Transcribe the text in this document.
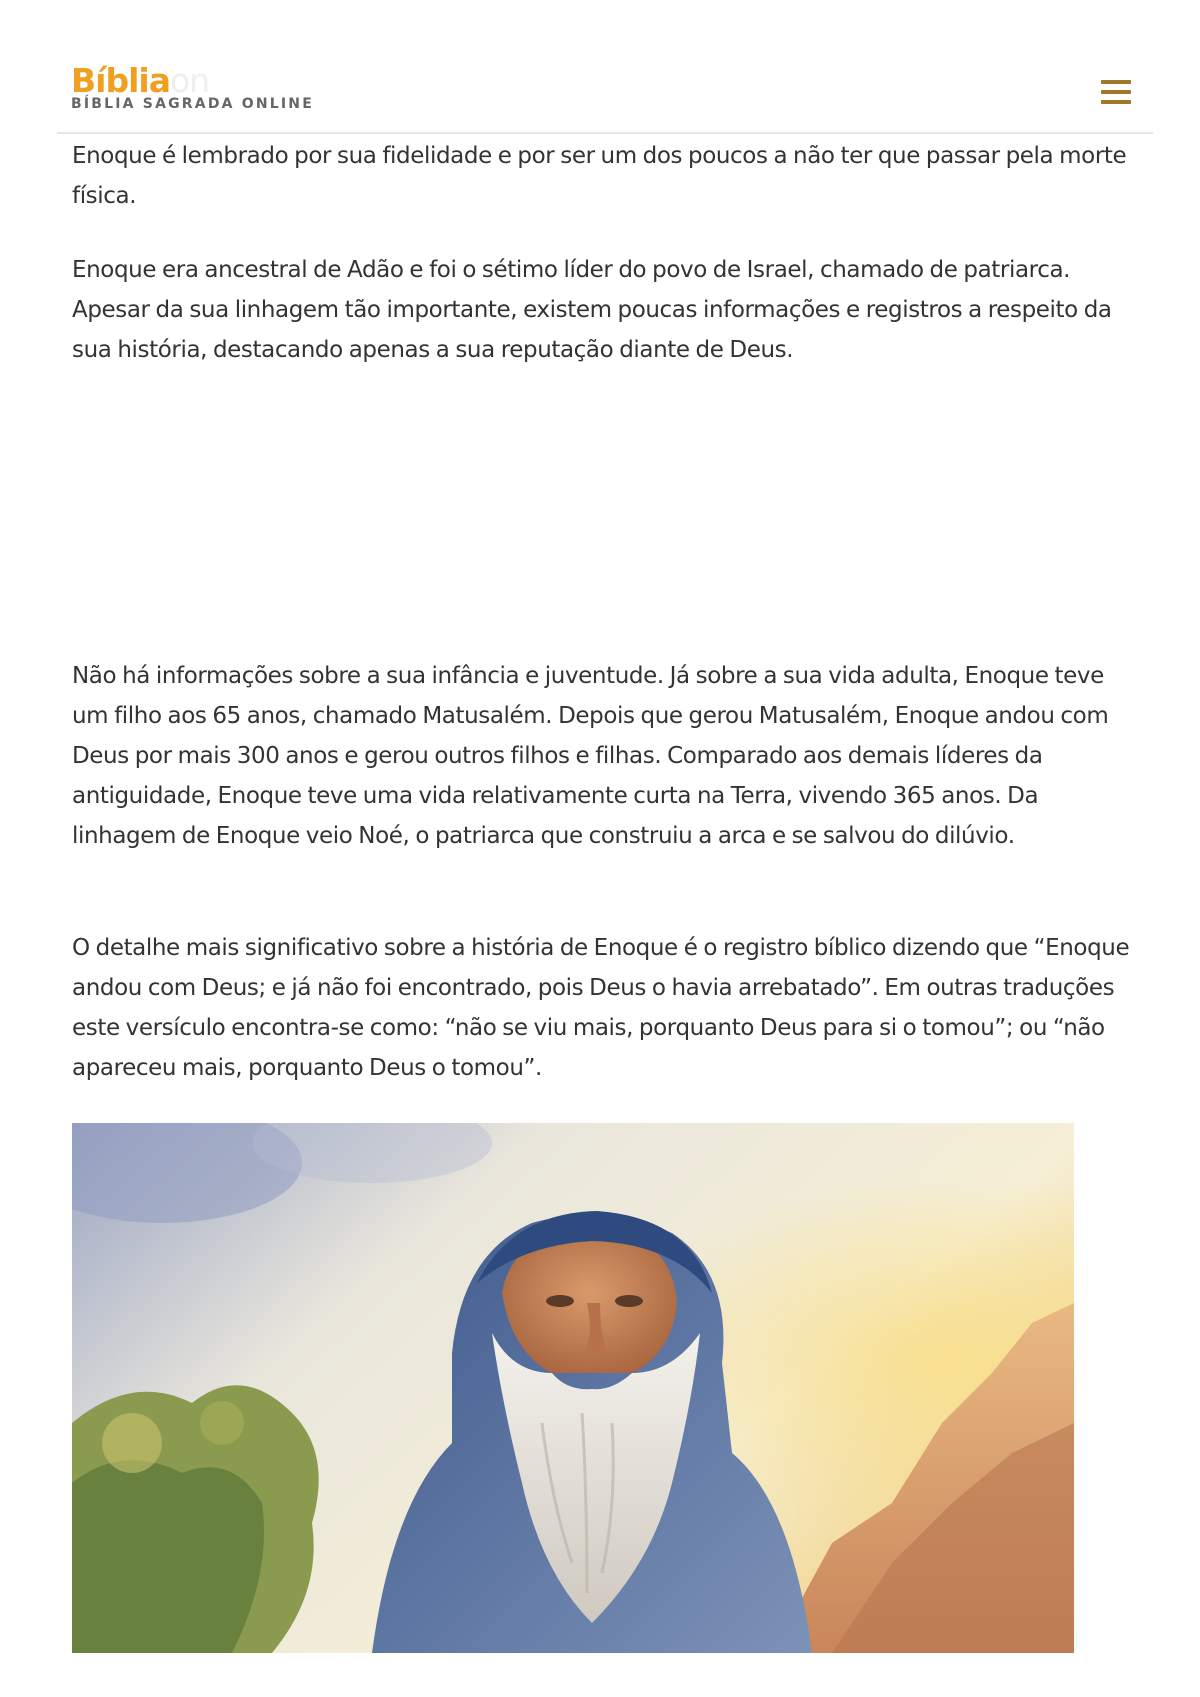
Bíbliaon
BÍBLIA SAGRADA ONLINE

Enoque é lembrado por sua fidelidade e por ser um dos poucos a não ter que passar pela morte física.

Enoque era ancestral de Adão e foi o sétimo líder do povo de Israel, chamado de patriarca. Apesar da sua linhagem tão importante, existem poucas informações e registros a respeito da sua história, destacando apenas a sua reputação diante de Deus.

Não há informações sobre a sua infância e juventude. Já sobre a sua vida adulta, Enoque teve um filho aos 65 anos, chamado Matusalém. Depois que gerou Matusalém, Enoque andou com Deus por mais 300 anos e gerou outros filhos e filhas. Comparado aos demais líderes da antiguidade, Enoque teve uma vida relativamente curta na Terra, vivendo 365 anos. Da linhagem de Enoque veio Noé, o patriarca que construiu a arca e se salvou do dilúvio.

O detalhe mais significativo sobre a história de Enoque é o registro bíblico dizendo que “Enoque andou com Deus; e já não foi encontrado, pois Deus o havia arrebatado”. Em outras traduções este versículo encontra-se como: “não se viu mais, porquanto Deus para si o tomou”; ou “não apareceu mais, porquanto Deus o tomou”.
